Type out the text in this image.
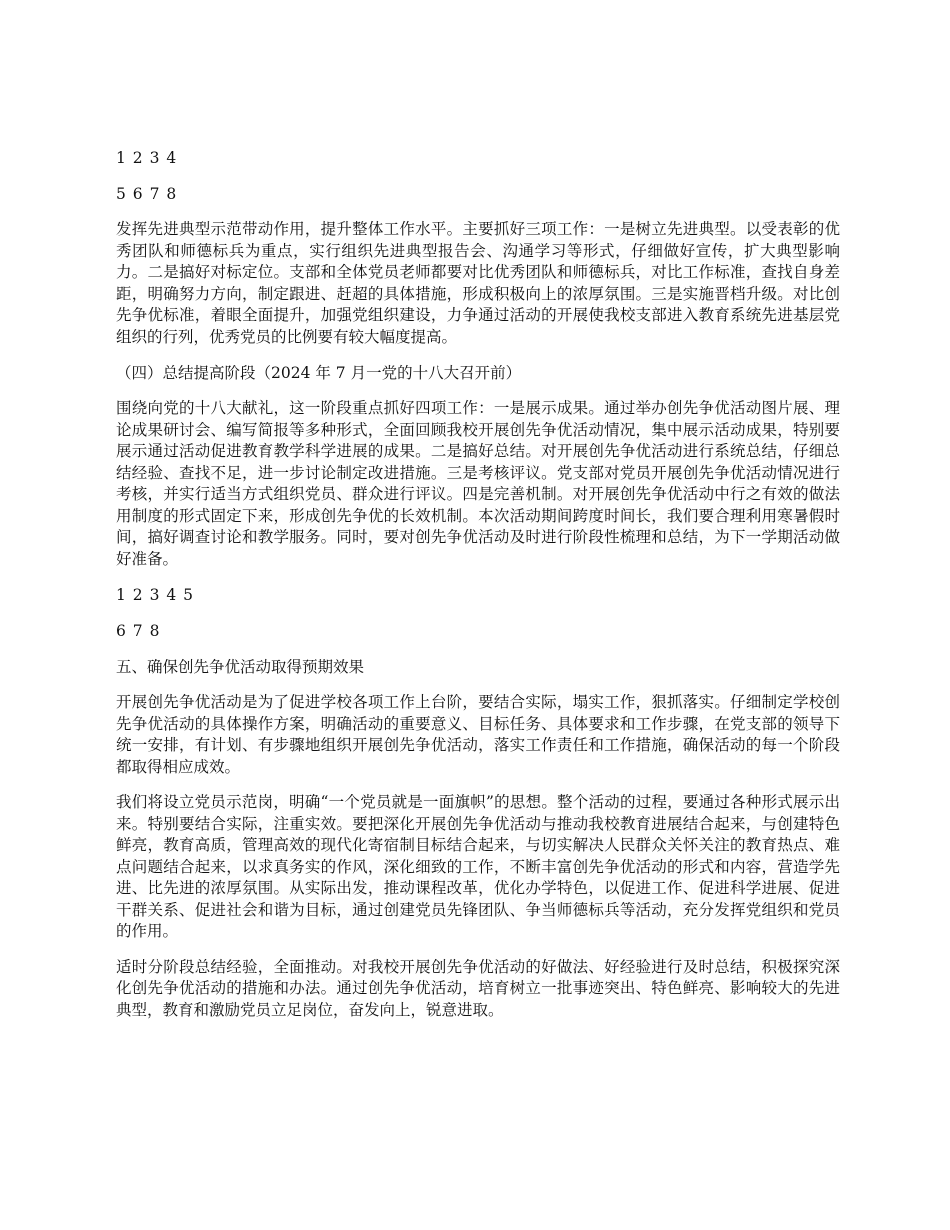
1 2 3 4

5 6 7 8

发挥先进典型示范带动作用，提升整体工作水平。主要抓好三项工作：一是树立先进典型。以受表彰的优秀团队和师德标兵为重点，实行组织先进典型报告会、沟通学习等形式，仔细做好宣传，扩大典型影响力。二是搞好对标定位。支部和全体党员老师都要对比优秀团队和师德标兵，对比工作标准，查找自身差距，明确努力方向，制定跟进、赶超的具体措施，形成积极向上的浓厚氛围。三是实施晋档升级。对比创先争优标准，着眼全面提升，加强党组织建设，力争通过活动的开展使我校支部进入教育系统先进基层党组织的行列，优秀党员的比例要有较大幅度提高。

（四）总结提高阶段（2024 年 7 月一党的十八大召开前）

围绕向党的十八大献礼，这一阶段重点抓好四项工作：一是展示成果。通过举办创先争优活动图片展、理论成果研讨会、编写简报等多种形式，全面回顾我校开展创先争优活动情况，集中展示活动成果，特别要展示通过活动促进教育教学科学进展的成果。二是搞好总结。对开展创先争优活动进行系统总结，仔细总结经验、查找不足，进一步讨论制定改进措施。三是考核评议。党支部对党员开展创先争优活动情况进行考核，并实行适当方式组织党员、群众进行评议。四是完善机制。对开展创先争优活动中行之有效的做法用制度的形式固定下来，形成创先争优的长效机制。本次活动期间跨度时间长，我们要合理利用寒暑假时间，搞好调查讨论和教学服务。同时，要对创先争优活动及时进行阶段性梳理和总结，为下一学期活动做好准备。

1 2 3 4 5

6 7 8

五、确保创先争优活动取得预期效果

开展创先争优活动是为了促进学校各项工作上台阶，要结合实际，塌实工作，狠抓落实。仔细制定学校创先争优活动的具体操作方案，明确活动的重要意义、目标任务、具体要求和工作步骤，在党支部的领导下统一安排，有计划、有步骤地组织开展创先争优活动，落实工作责任和工作措施，确保活动的每一个阶段都取得相应成效。

我们将设立党员示范岗，明确“一个党员就是一面旗帜”的思想。整个活动的过程，要通过各种形式展示出来。特别要结合实际，注重实效。要把深化开展创先争优活动与推动我校教育进展结合起来，与创建特色鲜亮，教育高质，管理高效的现代化寄宿制目标结合起来，与切实解决人民群众关怀关注的教育热点、难点问题结合起来，以求真务实的作风，深化细致的工作，不断丰富创先争优活动的形式和内容，营造学先进、比先进的浓厚氛围。从实际出发，推动课程改革，优化办学特色，以促进工作、促进科学进展、促进干群关系、促进社会和谐为目标，通过创建党员先锋团队、争当师德标兵等活动，充分发挥党组织和党员的作用。

适时分阶段总结经验，全面推动。对我校开展创先争优活动的好做法、好经验进行及时总结，积极探究深化创先争优活动的措施和办法。通过创先争优活动，培育树立一批事迹突出、特色鲜亮、影响较大的先进典型，教育和激励党员立足岗位，奋发向上，锐意进取。
